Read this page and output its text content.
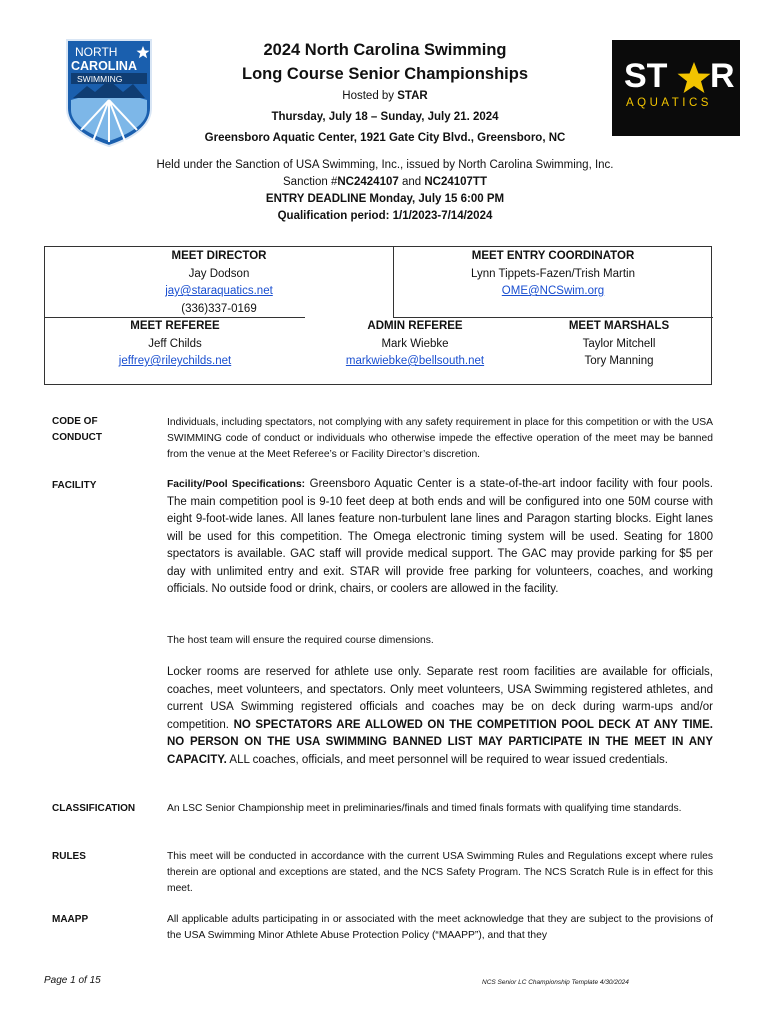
NORTH
CAROLINA
SWIMMING	ST R
AQUATICS
2024 North Carolina Swimming
Long Course Senior Championships
Hosted by STAR
Thursday, July 18 – Sunday, July 21. 2024
Greensboro Aquatic Center, 1921 Gate City Blvd., Greensboro, NC
Held under the Sanction of USA Swimming, Inc., issued by North Carolina Swimming, Inc.
Sanction #NC2424107 and NC24107TT
ENTRY DEADLINE Monday, July 15 6:00 PM
Qualification period: 1/1/2023-7/14/2024
MEET DIRECTOR
Jay Dodson
jay@staraquatics.net
(336)337-0169
MEET ENTRY COORDINATOR
Lynn Tippets-Fazen/Trish Martin
OME@NCSwim.org
MEET REFEREE
Jeff Childs
jeffrey@rileychilds.net
ADMIN REFEREE
Mark Wiebke
markwiebke@bellsouth.net
MEET MARSHALS
Taylor Mitchell
Tory Manning
CODE OF
CONDUCT
Individuals, including spectators, not complying with any safety requirement in place for this competition or with the USA SWIMMING code of conduct or individuals who otherwise impede the effective operation of the meet may be banned from the venue at the Meet Referee’s or Facility Director’s discretion.
FACILITY	Facility/Pool Specifications: Greensboro Aquatic Center is a state-of-the-art indoor facility with four pools. The main competition pool is 9-10 feet deep at both ends and will be configured into one 50M course with eight 9-foot-wide lanes. All lanes feature non-turbulent lane lines and Paragon starting blocks. Eight lanes will be used for this competition. The Omega electronic timing system will be used. Seating for 1800 spectators is available. GAC staff will provide medical support. The GAC may provide parking for $5 per day with unlimited entry and exit. STAR will provide free parking for volunteers, coaches, and working officials. No outside food or drink, chairs, or coolers are allowed in the facility.
The host team will ensure the required course dimensions.
Locker rooms are reserved for athlete use only. Separate rest room facilities are available for officials, coaches, meet volunteers, and spectators. Only meet volunteers, USA Swimming registered athletes, and current USA Swimming registered officials and coaches may be on deck during warm-ups and/or competition. NO SPECTATORS ARE ALLOWED ON THE COMPETITION POOL DECK AT ANY TIME. NO PERSON ON THE USA SWIMMING BANNED LIST MAY PARTICIPATE IN THE MEET IN ANY CAPACITY. ALL coaches, officials, and meet personnel will be required to wear issued credentials.
CLASSIFICATION	An LSC Senior Championship meet in preliminaries/finals and timed finals formats with qualifying time standards.
RULES	This meet will be conducted in accordance with the current USA Swimming Rules and Regulations except where rules therein are optional and exceptions are stated, and the NCS Safety Program. The NCS Scratch Rule is in effect for this meet.
MAAPP	All applicable adults participating in or associated with the meet acknowledge that they are subject to the provisions of the USA Swimming Minor Athlete Abuse Protection Policy (“MAAPP”), and that they
Page 1 of 15	NCS Senior LC Championship Template 4/30/2024
